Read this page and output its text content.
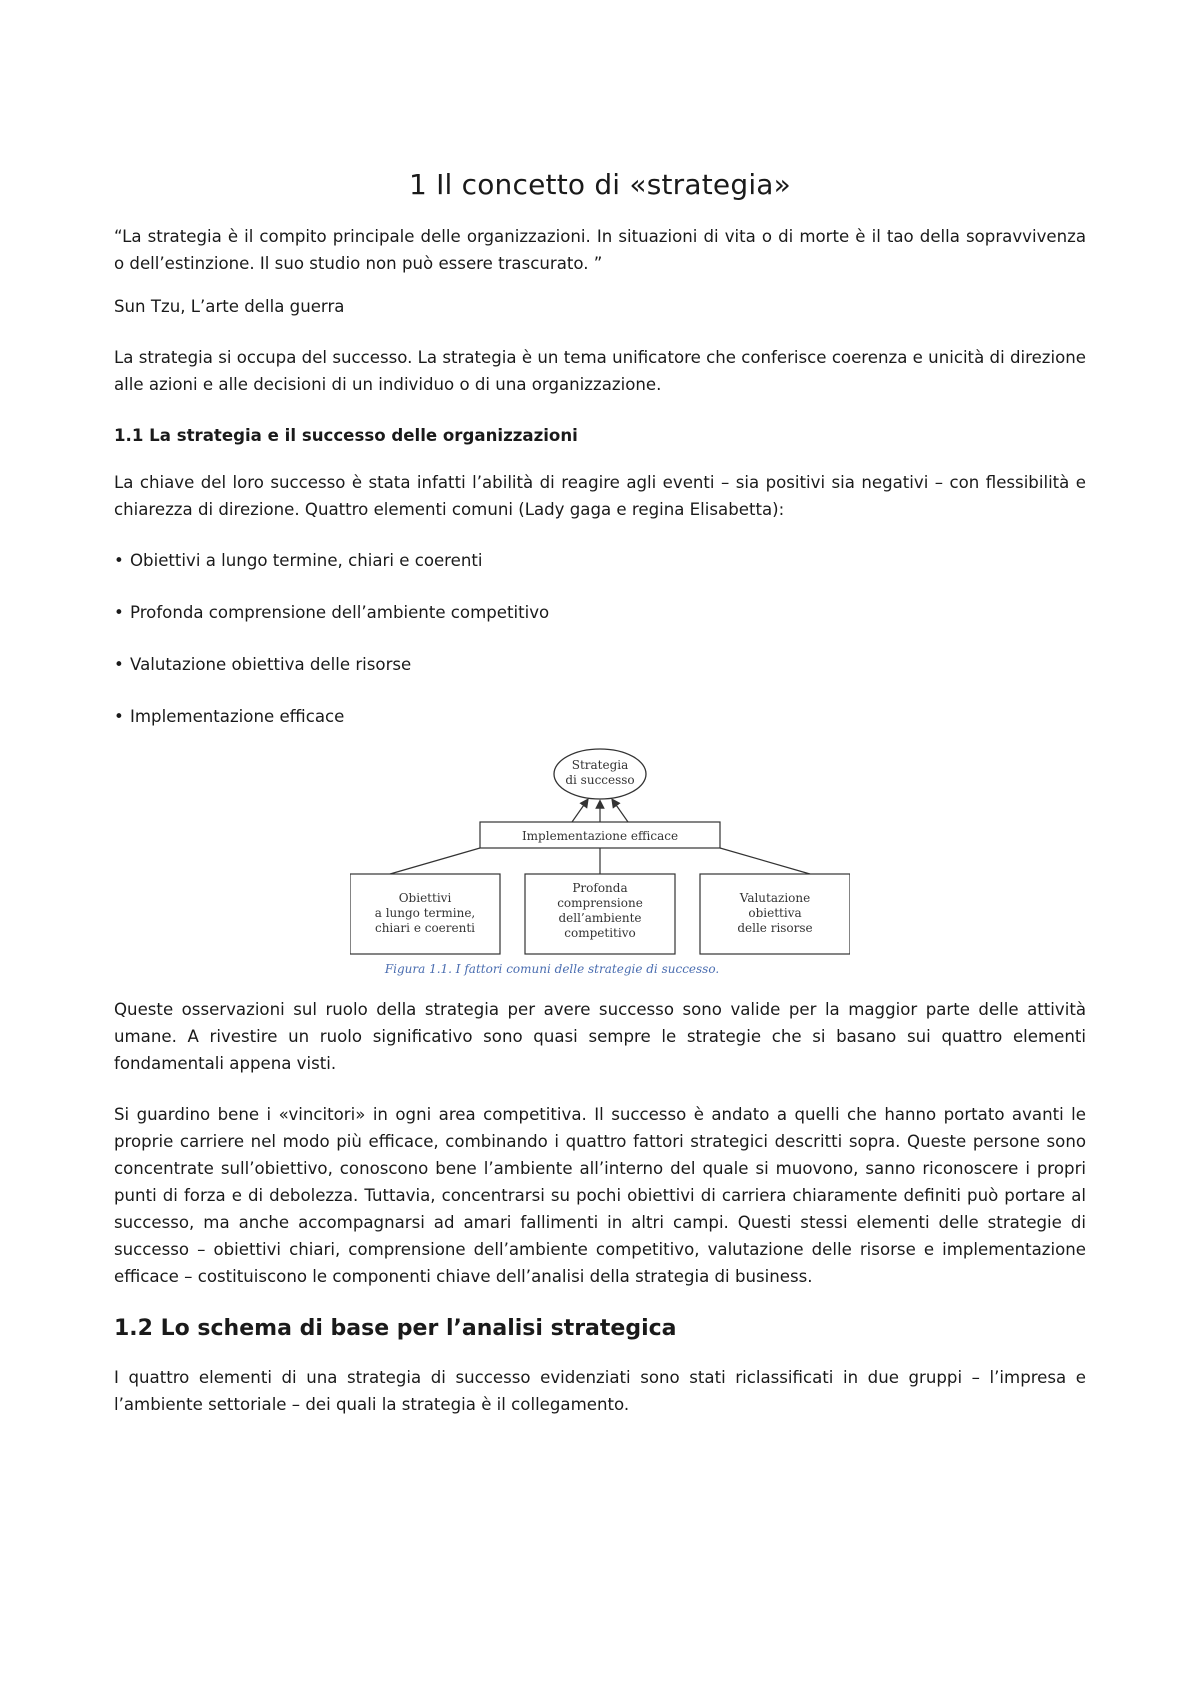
1 Il concetto di «strategia»

“La strategia è il compito principale delle organizzazioni. In situazioni di vita o di morte è il tao della sopravvivenza o dell’estinzione. Il suo studio non può essere trascurato. ”

Sun Tzu, L’arte della guerra

La strategia si occupa del successo. La strategia è un tema unificatore che conferisce coerenza e unicità di direzione alle azioni e alle decisioni di un individuo o di una organizzazione.

1.1 La strategia e il successo delle organizzazioni

La chiave del loro successo è stata infatti l’abilità di reagire agli eventi – sia positivi sia negativi – con flessibilità e chiarezza di direzione. Quattro elementi comuni (Lady gaga e regina Elisabetta):

• Obiettivi a lungo termine, chiari e coerenti
• Profonda comprensione dell’ambiente competitivo
• Valutazione obiettiva delle risorse
• Implementazione efficace
Strategia
di successo
Implementazione efficace
Obiettivi
a lungo termine,
chiari e coerenti
Profonda
comprensione
dell’ambiente
competitivo
Valutazione
obiettiva
delle risorse
Figura 1.1. I fattori comuni delle strategie di successo.

Queste osservazioni sul ruolo della strategia per avere successo sono valide per la maggior parte delle attività umane. A rivestire un ruolo significativo sono quasi sempre le strategie che si basano sui quattro elementi fondamentali appena visti.

Si guardino bene i «vincitori» in ogni area competitiva. Il successo è andato a quelli che hanno portato avanti le proprie carriere nel modo più efficace, combinando i quattro fattori strategici descritti sopra. Queste persone sono concentrate sull’obiettivo, conoscono bene l’ambiente all’interno del quale si muovono, sanno riconoscere i propri punti di forza e di debolezza. Tuttavia, concentrarsi su pochi obiettivi di carriera chiaramente definiti può portare al successo, ma anche accompagnarsi ad amari fallimenti in altri campi. Questi stessi elementi delle strategie di successo – obiettivi chiari, comprensione dell’ambiente competitivo, valutazione delle risorse e implementazione efficace – costituiscono le componenti chiave dell’analisi della strategia di business.

1.2 Lo schema di base per l’analisi strategica

I quattro elementi di una strategia di successo evidenziati sono stati riclassificati in due gruppi – l’impresa e l’ambiente settoriale – dei quali la strategia è il collegamento.
